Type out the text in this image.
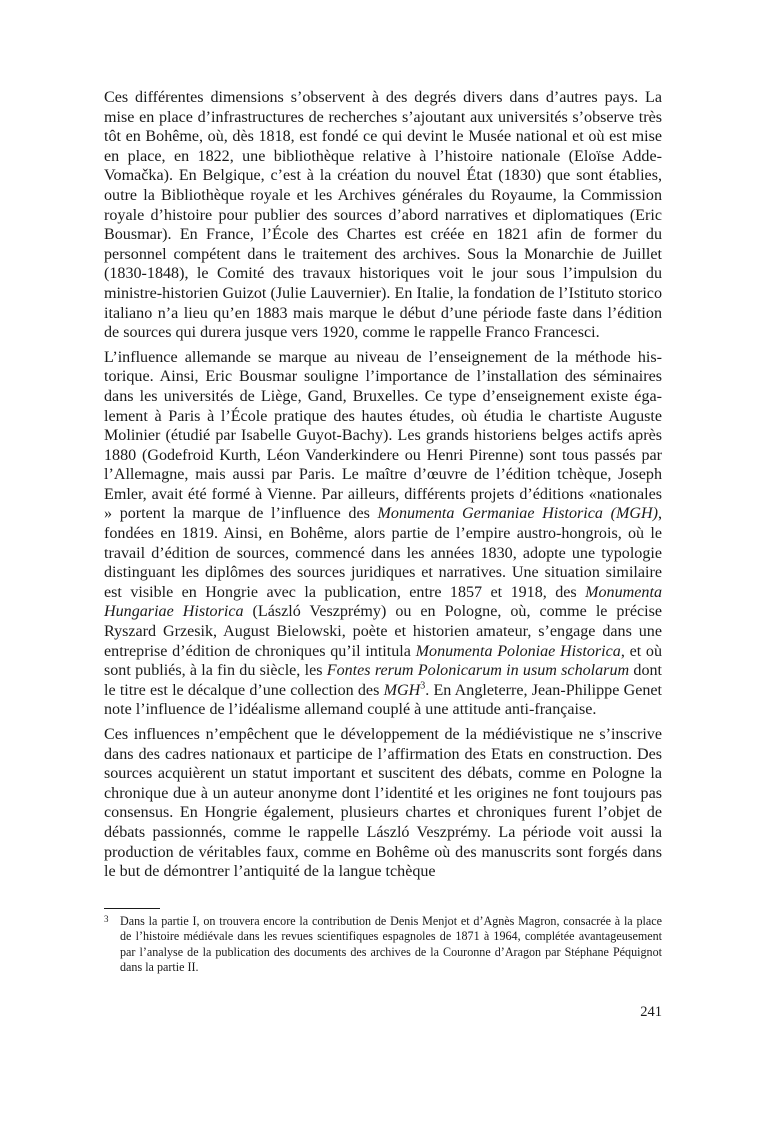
Ces différentes dimensions s’observent à des degrés divers dans d’autres pays. La mise en place d’infrastructures de recherches s’ajoutant aux universités s’observe très tôt en Bohême, où, dès 1818, est fondé ce qui devint le Musée national et où est mise en place, en 1822, une bibliothèque relative à l’histoire nationale (Eloïse Adde-Vomačka). En Belgique, c’est à la création du nouvel État (1830) que sont établies, outre la Bibliothèque royale et les Archives générales du Royaume, la Commission royale d’histoire pour publier des sources d’abord narratives et diplomatiques (Eric Bousmar). En France, l’École des Chartes est créée en 1821 afin de former du personnel compétent dans le traitement des archives. Sous la Monarchie de Juillet (1830-1848), le Comité des travaux historiques voit le jour sous l’impulsion du ministre-historien Guizot (Julie Lauvernier). En Italie, la fondation de l’Istituto storico italiano n’a lieu qu’en 1883 mais marque le début d’une période faste dans l’édition de sources qui durera jusque vers 1920, comme le rappelle Franco Francesci.

L’influence allemande se marque au niveau de l’enseignement de la méthode historique. Ainsi, Eric Bousmar souligne l’importance de l’installation des séminaires dans les universités de Liège, Gand, Bruxelles. Ce type d’enseignement existe également à Paris à l’École pratique des hautes études, où étudia le chartiste Auguste Molinier (étudié par Isabelle Guyot-Bachy). Les grands historiens belges actifs après 1880 (Godefroid Kurth, Léon Vanderkindere ou Henri Pirenne) sont tous passés par l’Allemagne, mais aussi par Paris. Le maître d’œuvre de l’édition tchèque, Joseph Emler, avait été formé à Vienne. Par ailleurs, différents projets d’éditions «nationales » portent la marque de l’influence des Monumenta Germaniae Historica (MGH), fondées en 1819. Ainsi, en Bohême, alors partie de l’empire austro-hongrois, où le travail d’édition de sources, commencé dans les années 1830, adopte une typologie distinguant les diplômes des sources juridiques et narratives. Une situation similaire est visible en Hongrie avec la publication, entre 1857 et 1918, des Monumenta Hungariae Historica (László Veszprémy) ou en Pologne, où, comme le précise Ryszard Grzesik, August Bielowski, poète et historien amateur, s’engage dans une entreprise d’édition de chroniques qu’il intitula Monumenta Poloniae Historica, et où sont publiés, à la fin du siècle, les Fontes rerum Polonicarum in usum scholarum dont le titre est le décalque d’une collection des MGH$^3$. En Angleterre, Jean-Philippe Genet note l’influence de l’idéalisme allemand couplé à une attitude anti-française.

Ces influences n’empêchent que le développement de la médiévistique ne s’inscrive dans des cadres nationaux et participe de l’affirmation des Etats en construction. Des sources acquièrent un statut important et suscitent des débats, comme en Pologne la chronique due à un auteur anonyme dont l’identité et les origines ne font toujours pas consensus. En Hongrie également, plusieurs chartes et chroniques furent l’objet de débats passionnés, comme le rappelle László Veszprémy. La période voit aussi la production de véritables faux, comme en Bohême où des manuscrits sont forgés dans le but de démontrer l’antiquité de la langue tchèque

3 Dans la partie I, on trouvera encore la contribution de Denis Menjot et d’Agnès Magron, consacrée à la place de l’histoire médiévale dans les revues scientifiques espagnoles de 1871 à 1964, complétée avantageusement par l’analyse de la publication des documents des archives de la Couronne d’Aragon par Stéphane Péquignot dans la partie II.
241
